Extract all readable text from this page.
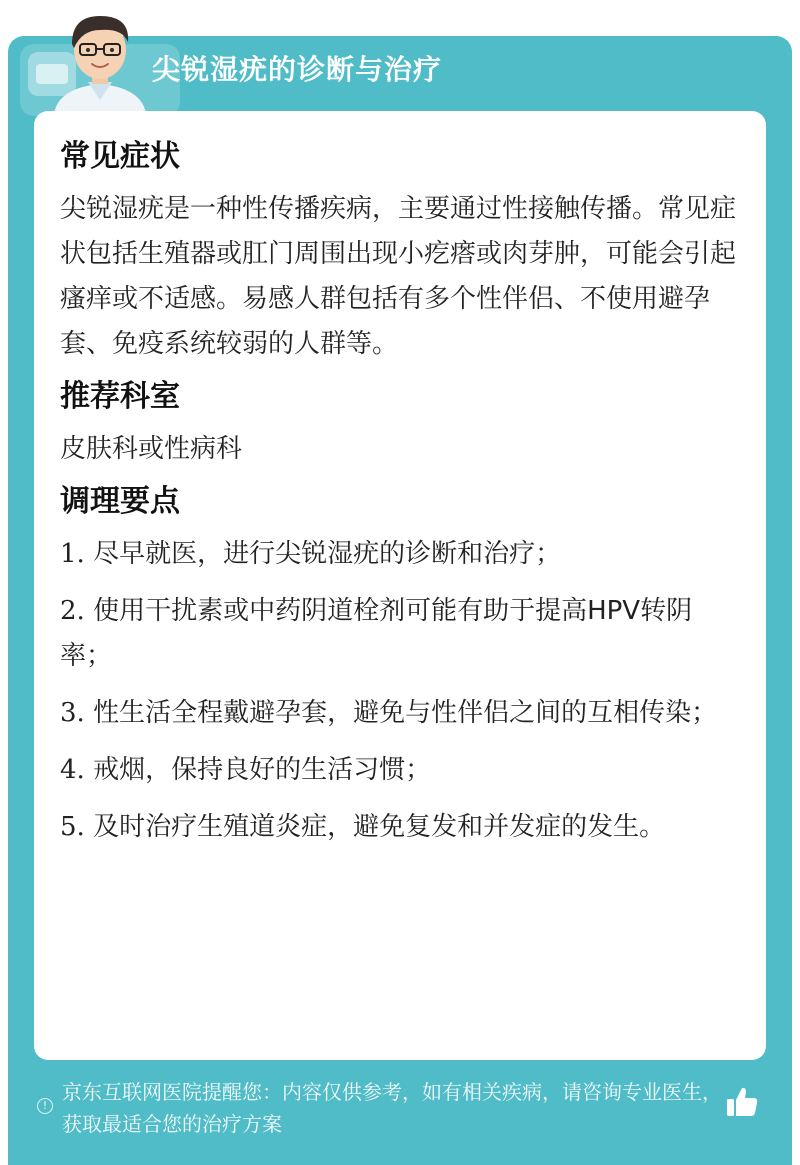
尖锐湿疣的诊断与治疗
常见症状
尖锐湿疣是一种性传播疾病，主要通过性接触传播。常见症状包括生殖器或肛门周围出现小疙瘩或肉芽肿，可能会引起瘙痒或不适感。易感人群包括有多个性伴侣、不使用避孕套、免疫系统较弱的人群等。
推荐科室
皮肤科或性病科
调理要点
1. 尽早就医，进行尖锐湿疣的诊断和治疗；
2. 使用干扰素或中药阴道栓剂可能有助于提高HPV转阴率；
3. 性生活全程戴避孕套，避免与性伴侣之间的互相传染；
4. 戒烟，保持良好的生活习惯；
5. 及时治疗生殖道炎症，避免复发和并发症的发生。
!
京东互联网医院提醒您：内容仅供参考，如有相关疾病，请咨询专业医生，获取最适合您的治疗方案
